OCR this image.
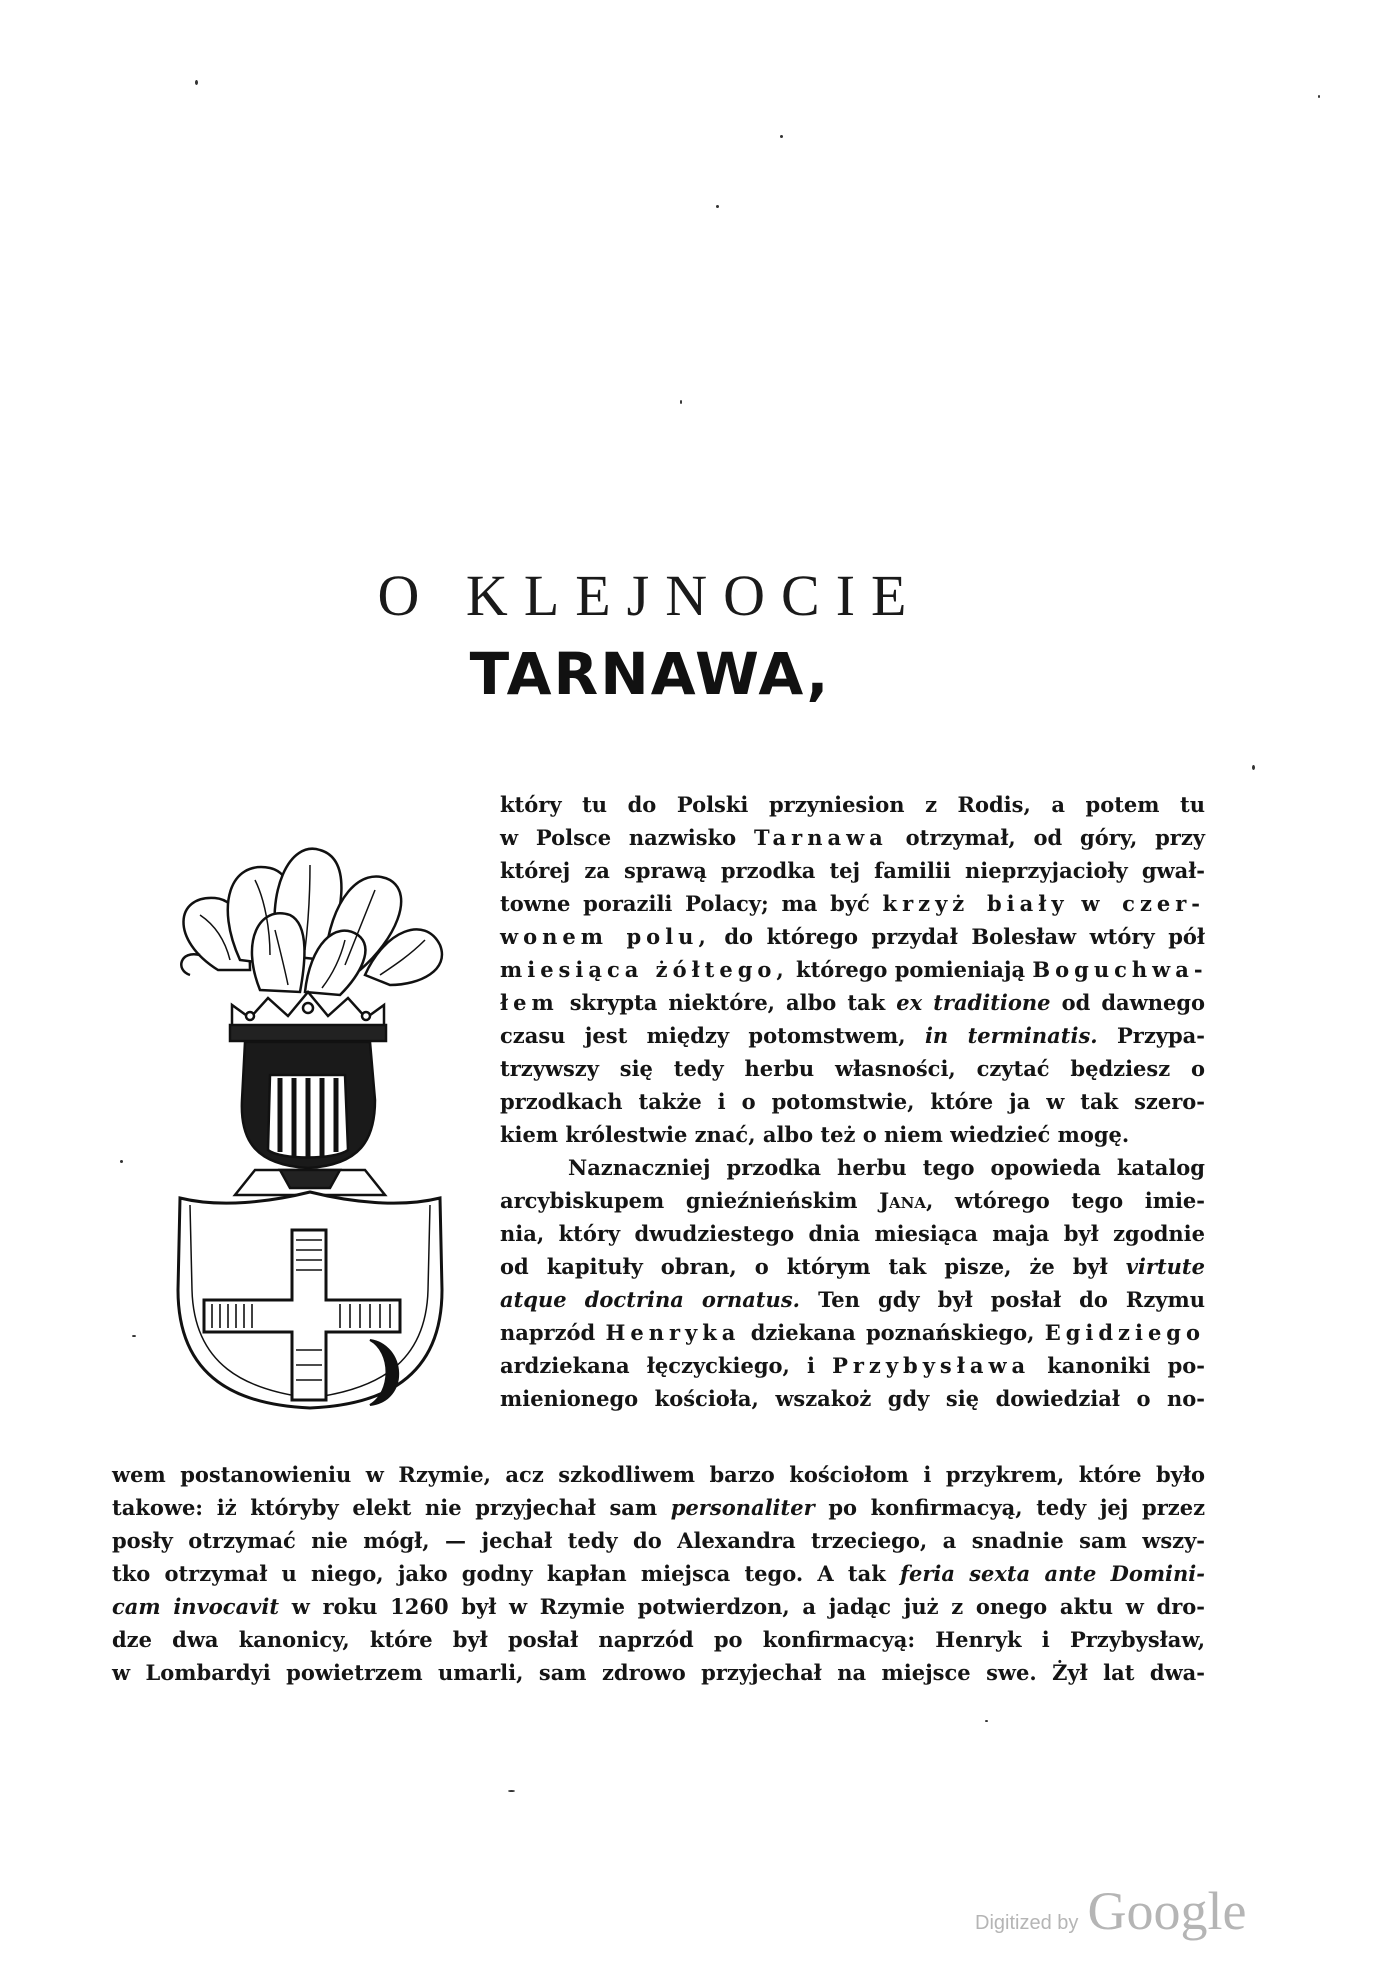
O KLEJNOCIE
TARNAWA,
który tu do Polski przyniesion z Rodis, a potem tu
w Polsce nazwisko Tarnawa otrzymał, od góry, przy
której za sprawą przodka tej familii nieprzyjacioły gwał-
towne porazili Polacy; ma być krzyż biały w czer-
wonem polu, do którego przydał Bolesław wtóry pół
miesiąca żółtego, którego pomieniają Boguchwa-
łem skrypta niektóre, albo tak ex traditione od dawnego
czasu jest między potomstwem, in terminatis. Przypa-
trzywszy się tedy herbu własności, czytać będziesz o
przodkach także i o potomstwie, które ja w tak szero-
kiem królestwie znać, albo też o niem wiedzieć mogę.
Naznaczniej przodka herbu tego opowieda katalog
arcybiskupem gnieźnieńskim Jana, wtórego tego imie-
nia, który dwudziestego dnia miesiąca maja był zgodnie
od kapituły obran, o którym tak pisze, że był virtute
atque doctrina ornatus. Ten gdy był posłał do Rzymu
naprzód Henryka dziekana poznańskiego, Egidziego
ardziekana łęczyckiego, i Przybysława kanoniki po-
mienionego kościoła, wszakoż gdy się dowiedział o no-
wem postanowieniu w Rzymie, acz szkodliwem barzo kościołom i przykrem, które było
takowe: iż któryby elekt nie przyjechał sam personaliter po konfirmacyą, tedy jej przez
posły otrzymać nie mógł, — jechał tedy do Alexandra trzeciego, a snadnie sam wszy-
tko otrzymał u niego, jako godny kapłan miejsca tego. A tak feria sexta ante Domini-
cam invocavit w roku 1260 był w Rzymie potwierdzon, a jadąc już z onego aktu w dro-
dze dwa kanonicy, które był posłał naprzód po konfirmacyą: Henryk i Przybysław,
w Lombardyi powietrzem umarli, sam zdrowo przyjechał na miejsce swe. Żył lat dwa-
Digitized by Google
